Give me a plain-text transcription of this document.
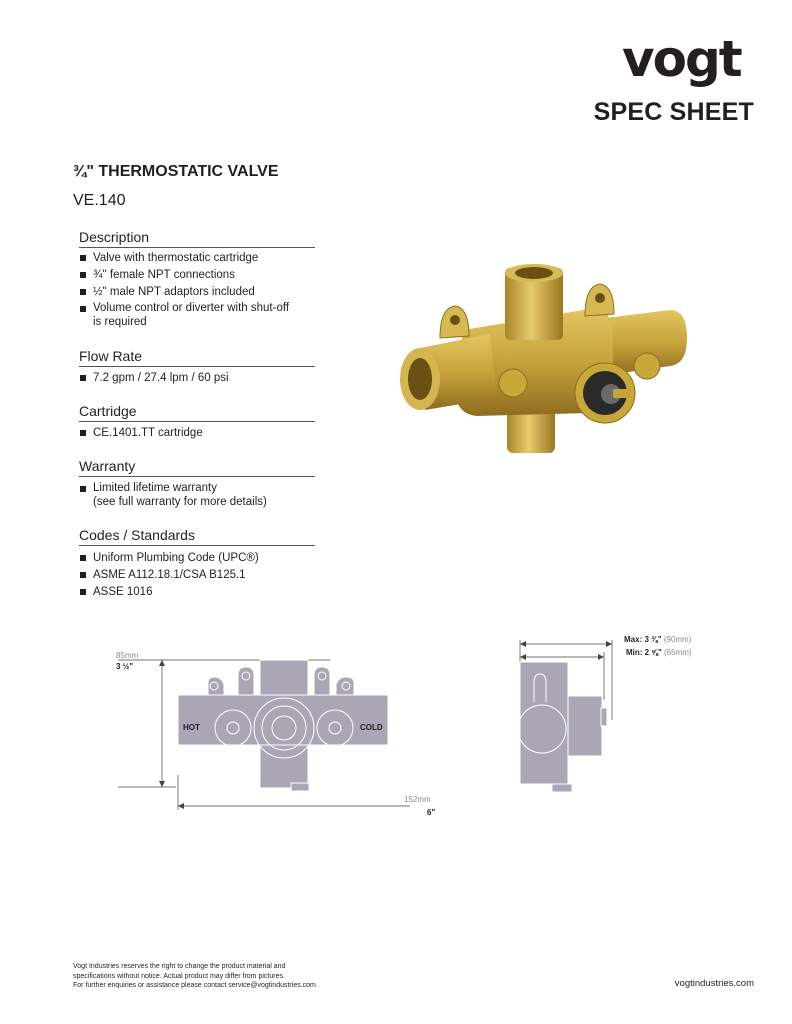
vogt
SPEC SHEET
¾" THERMOSTATIC VALVE
VE.140
Description
Valve with thermostatic cartridge
¾" female NPT connections
½" male NPT adaptors included
Volume control or diverter with shut-off
is required
Flow Rate
7.2 gpm / 27.4 lpm / 60 psi
Cartridge
CE.1401.TT cartridge
Warranty
Limited lifetime warranty
(see full warranty for more details)
Codes / Standards
Uniform Plumbing Code (UPC®)
ASME A112.18.1/CSA B125.1
ASSE 1016
85mm
3 ½"
HOT	COLD
152mm
6"
Max: 3 ⅜" (90mm)
Min: 2 ⅝" (65mm)
Vogt Industries reserves the right to change the product material and
specifications without notice. Actual product may differ from pictures.
For further enquiries or assistance please contact service@vogtindustries.com.	vogtindustries.com
